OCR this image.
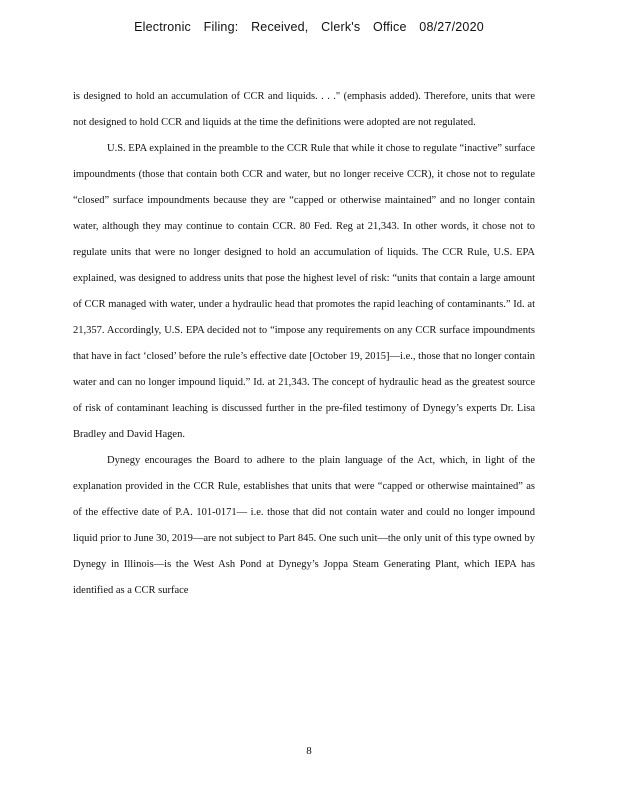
Electronic Filing: Received, Clerk's Office 08/27/2020

is designed to hold an accumulation of CCR and liquids. . . ." (emphasis added). Therefore, units that were not designed to hold CCR and liquids at the time the definitions were adopted are not regulated.

U.S. EPA explained in the preamble to the CCR Rule that while it chose to regulate “inactive” surface impoundments (those that contain both CCR and water, but no longer receive CCR), it chose not to regulate “closed” surface impoundments because they are “capped or otherwise maintained” and no longer contain water, although they may continue to contain CCR. 80 Fed. Reg at 21,343. In other words, it chose not to regulate units that were no longer designed to hold an accumulation of liquids. The CCR Rule, U.S. EPA explained, was designed to address units that pose the highest level of risk: “units that contain a large amount of CCR managed with water, under a hydraulic head that promotes the rapid leaching of contaminants.” Id. at 21,357. Accordingly, U.S. EPA decided not to “impose any requirements on any CCR surface impoundments that have in fact ‘closed’ before the rule’s effective date [October 19, 2015]—i.e., those that no longer contain water and can no longer impound liquid.” Id. at 21,343. The concept of hydraulic head as the greatest source of risk of contaminant leaching is discussed further in the pre-filed testimony of Dynegy’s experts Dr. Lisa Bradley and David Hagen.

Dynegy encourages the Board to adhere to the plain language of the Act, which, in light of the explanation provided in the CCR Rule, establishes that units that were “capped or otherwise maintained” as of the effective date of P.A. 101-0171— i.e. those that did not contain water and could no longer impound liquid prior to June 30, 2019—are not subject to Part 845. One such unit—the only unit of this type owned by Dynegy in Illinois—is the West Ash Pond at Dynegy’s Joppa Steam Generating Plant, which IEPA has identified as a CCR surface

8
